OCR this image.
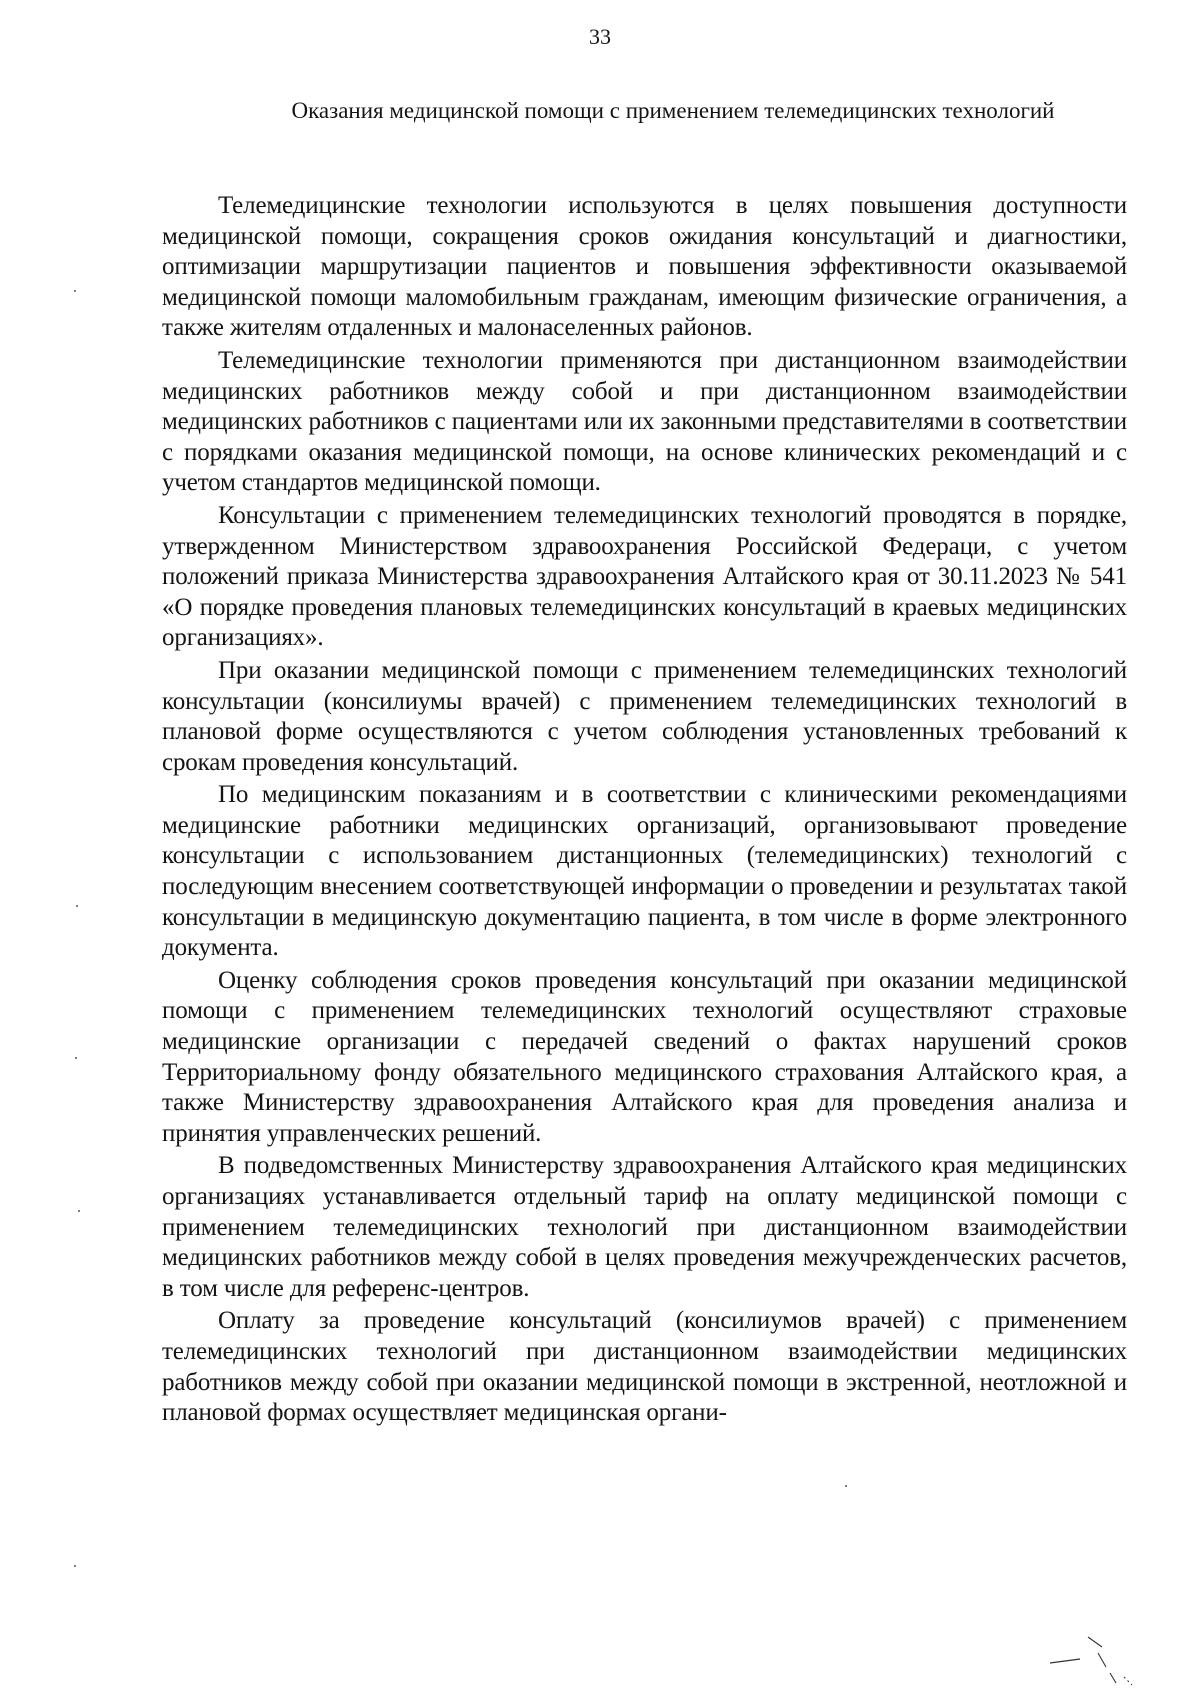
33
Оказания медицинской помощи с применением телемедицинских технологий

Телемедицинские технологии используются в целях повышения доступности медицинской помощи, сокращения сроков ожидания консультаций и диагностики, оптимизации маршрутизации пациентов и повышения эффективности оказываемой медицинской помощи маломобильным гражданам, имеющим физические ограничения, а также жителям отдаленных и малонаселенных районов.

Телемедицинские технологии применяются при дистанционном взаимодействии медицинских работников между собой и при дистанционном взаимодействии медицинских работников с пациентами или их законными представителями в соответствии с порядками оказания медицинской помощи, на основе клинических рекомендаций и с учетом стандартов медицинской помощи.

Консультации с применением телемедицинских технологий проводятся в порядке, утвержденном Министерством здравоохранения Российской Федераци, с учетом положений приказа Министерства здравоохранения Алтайского края от 30.11.2023 № 541 «О порядке проведения плановых телемедицинских консультаций в краевых медицинских организациях».

При оказании медицинской помощи с применением телемедицинских технологий консультации (консилиумы врачей) с применением телемедицинских технологий в плановой форме осуществляются с учетом соблюдения установленных требований к срокам проведения консультаций.

По медицинским показаниям и в соответствии с клиническими рекомендациями медицинские работники медицинских организаций, организовывают проведение консультации с использованием дистанционных (телемедицинских) технологий с последующим внесением соответствующей информации о проведении и результатах такой консультации в медицинскую документацию пациента, в том числе в форме электронного документа.

Оценку соблюдения сроков проведения консультаций при оказании медицинской помощи с применением телемедицинских технологий осуществляют страховые медицинские организации с передачей сведений о фактах нарушений сроков Территориальному фонду обязательного медицинского страхования Алтайского края, а также Министерству здравоохранения Алтайского края для проведения анализа и принятия управленческих решений.

В подведомственных Министерству здравоохранения Алтайского края медицинских организациях устанавливается отдельный тариф на оплату медицинской помощи с применением телемедицинских технологий при дистанционном взаимодействии медицинских работников между собой в целях проведения межучрежденческих расчетов, в том числе для референс-центров.

Оплату за проведение консультаций (консилиумов врачей) с применением телемедицинских технологий при дистанционном взаимодействии медицинских работников между собой при оказании медицинской помощи в экстренной, неотложной и плановой формах осуществляет медицинская органи-
